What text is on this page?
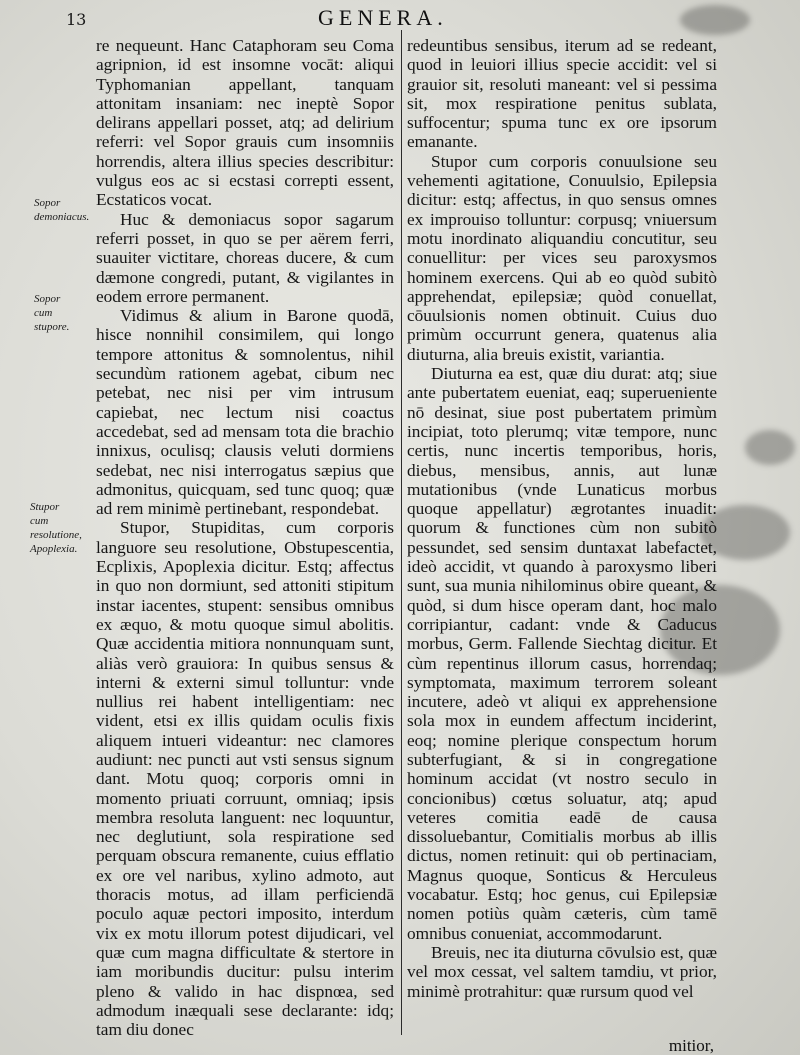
13	GENERA.
Sopor demoniacus.
Sopor cum stupore.
Stupor cum resolutione, Apoplexia.

re nequeunt. Hanc Cataphoram seu Coma agripnion, id est insomne vocāt: aliqui Typhomanian appellant, tanquam attonitam insaniam: nec ineptè Sopor delirans appellari posset, atq; ad delirium referri: vel Sopor grauis cum insomniis horrendis, altera illius species describitur: vulgus eos ac si ecstasi correpti essent, Ecstaticos vocat.

Huc & demoniacus sopor sagarum referri posset, in quo se per aërem ferri, suauiter victitare, choreas ducere, & cum dæmone congredi, putant, & vigilantes in eodem errore permanent.

Vidimus & alium in Barone quodā, hisce nonnihil consimilem, qui longo tempore attonitus & somnolentus, nihil secundùm rationem agebat, cibum nec petebat, nec nisi per vim intrusum capiebat, nec lectum nisi coactus accedebat, sed ad mensam tota die brachio innixus, oculisq; clausis veluti dormiens sedebat, nec nisi interrogatus sæpius que admonitus, quicquam, sed tunc quoq; quæ ad rem minimè pertinebant, respondebat.

Stupor, Stupiditas, cum corporis languore seu resolutione, Obstupescentia, Ecplixis, Apoplexia dicitur. Estq; affectus in quo non dormiunt, sed attoniti stipitum instar iacentes, stupent: sensibus omnibus ex æquo, & motu quoque simul abolitis. Quæ accidentia mitiora nonnunquam sunt, aliàs verò grauiora: In quibus sensus & interni & externi simul tolluntur: vnde nullius rei habent intelligentiam: nec vident, etsi ex illis quidam oculis fixis aliquem intueri videantur: nec clamores audiunt: nec puncti aut vsti sensus signum dant. Motu quoq; corporis omni in momento priuati corruunt, omniaq; ipsis membra resoluta languent: nec loquuntur, nec deglutiunt, sola respiratione sed perquam obscura remanente, cuius efflatio ex ore vel naribus, xylino admoto, aut thoracis motus, ad illam perficiendā poculo aquæ pectori imposito, interdum vix ex motu illorum potest dijudicari, vel quæ cum magna difficultate & stertore in iam moribundis ducitur: pulsu interim pleno & valido in hac dispnœa, sed admodum inæquali sese declarante: idq; tam diu donec

redeuntibus sensibus, iterum ad se redeant, quod in leuiori illius specie accidit: vel si grauior sit, resoluti maneant: vel si pessima sit, mox respiratione penitus sublata, suffocentur; spuma tunc ex ore ipsorum emanante.

Stupor cum corporis conuulsione seu vehementi agitatione, Conuulsio, Epilepsia dicitur: estq; affectus, in quo sensus omnes ex improuiso tolluntur: corpusq; vniuersum motu inordinato aliquandiu concutitur, seu conuellitur: per vices seu paroxysmos hominem exercens. Qui ab eo quòd subitò apprehendat, epilepsiæ; quòd conuellat, cōuulsionis nomen obtinuit. Cuius duo primùm occurrunt genera, quatenus alia diuturna, alia breuis existit, variantia.

Diuturna ea est, quæ diu durat: atq; siue ante pubertatem eueniat, eaq; superueniente nō desinat, siue post pubertatem primùm incipiat, toto plerumq; vitæ tempore, nunc certis, nunc incertis temporibus, horis, diebus, mensibus, annis, aut lunæ mutationibus (vnde Lunaticus morbus quoque appellatur) ægrotantes inuadit: quorum & functiones cùm non subitò pessundet, sed sensim duntaxat labefactet, ideò accidit, vt quando à paroxysmo liberi sunt, sua munia nihilominus obire queant, & quòd, si dum hisce operam dant, hoc malo corripiantur, cadant: vnde & Caducus morbus, Germ. Fallende Siechtag dicitur. Et cùm repentinus illorum casus, horrendaq; symptomata, maximum terrorem soleant incutere, adeò vt aliqui ex apprehensione sola mox in eundem affectum inciderint, eoq; nomine plerique conspectum horum subterfugiant, & si in congregatione hominum accidat (vt nostro seculo in concionibus) cœtus soluatur, atq; apud veteres comitia eadē de causa dissoluebantur, Comitialis morbus ab illis dictus, nomen retinuit: qui ob pertinaciam, Magnus quoque, Sonticus & Herculeus vocabatur. Estq; hoc genus, cui Epilepsiæ nomen potiùs quàm cæteris, cùm tamē omnibus conueniat, accommodarunt.

Breuis, nec ita diuturna cōvulsio est, quæ vel mox cessat, vel saltem tamdiu, vt prior, minimè protrahitur: quæ rursum quod vel

mitior,
